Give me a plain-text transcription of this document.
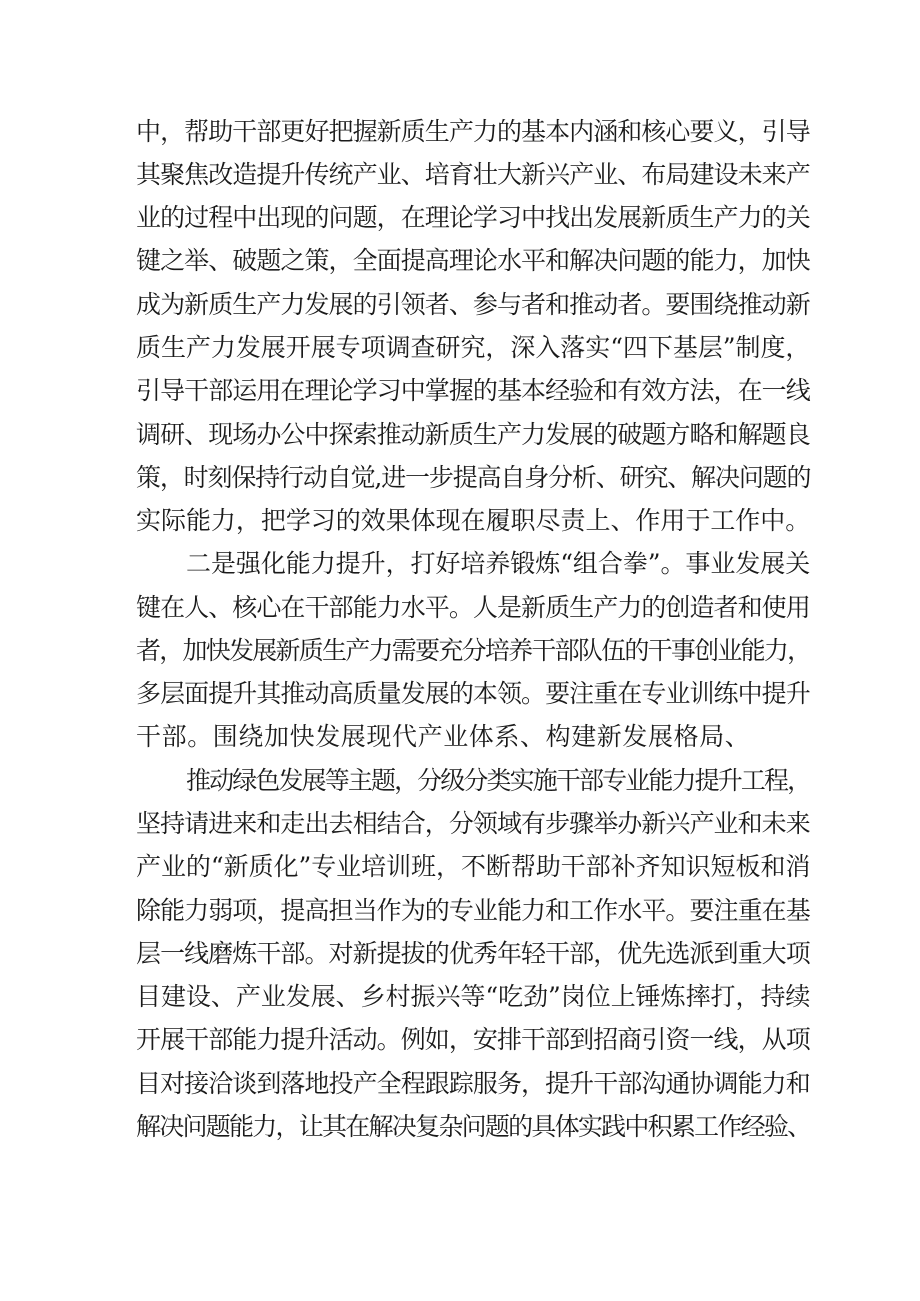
中，帮助干部更好把握新质生产力的基本内涵和核心要义，引导

其聚焦改造提升传统产业、培育壮大新兴产业、布局建设未来产

业的过程中出现的问题，在理论学习中找出发展新质生产力的关

键之举、破题之策，全面提高理论水平和解决问题的能力，加快

成为新质生产力发展的引领者、参与者和推动者。要围绕推动新

质生产力发展开展专项调查研究，深入落实“四下基层”制度，

引导干部运用在理论学习中掌握的基本经验和有效方法，在一线

调研、现场办公中探索推动新质生产力发展的破题方略和解题良

策，时刻保持行动自觉,进一步提高自身分析、研究、解决问题的

实际能力，把学习的效果体现在履职尽责上、作用于工作中。

二是强化能力提升，打好培养锻炼“组合拳”。事业发展关

键在人、核心在干部能力水平。人是新质生产力的创造者和使用

者，加快发展新质生产力需要充分培养干部队伍的干事创业能力，

多层面提升其推动高质量发展的本领。要注重在专业训练中提升

干部。围绕加快发展现代产业体系、构建新发展格局、

推动绿色发展等主题，分级分类实施干部专业能力提升工程，

坚持请进来和走出去相结合，分领域有步骤举办新兴产业和未来

产业的“新质化”专业培训班，不断帮助干部补齐知识短板和消

除能力弱项，提高担当作为的专业能力和工作水平。要注重在基

层一线磨炼干部。对新提拔的优秀年轻干部，优先选派到重大项

目建设、产业发展、乡村振兴等“吃劲”岗位上锤炼摔打，持续

开展干部能力提升活动。例如，安排干部到招商引资一线，从项

目对接洽谈到落地投产全程跟踪服务，提升干部沟通协调能力和

解决问题能力，让其在解决复杂问题的具体实践中积累工作经验、
